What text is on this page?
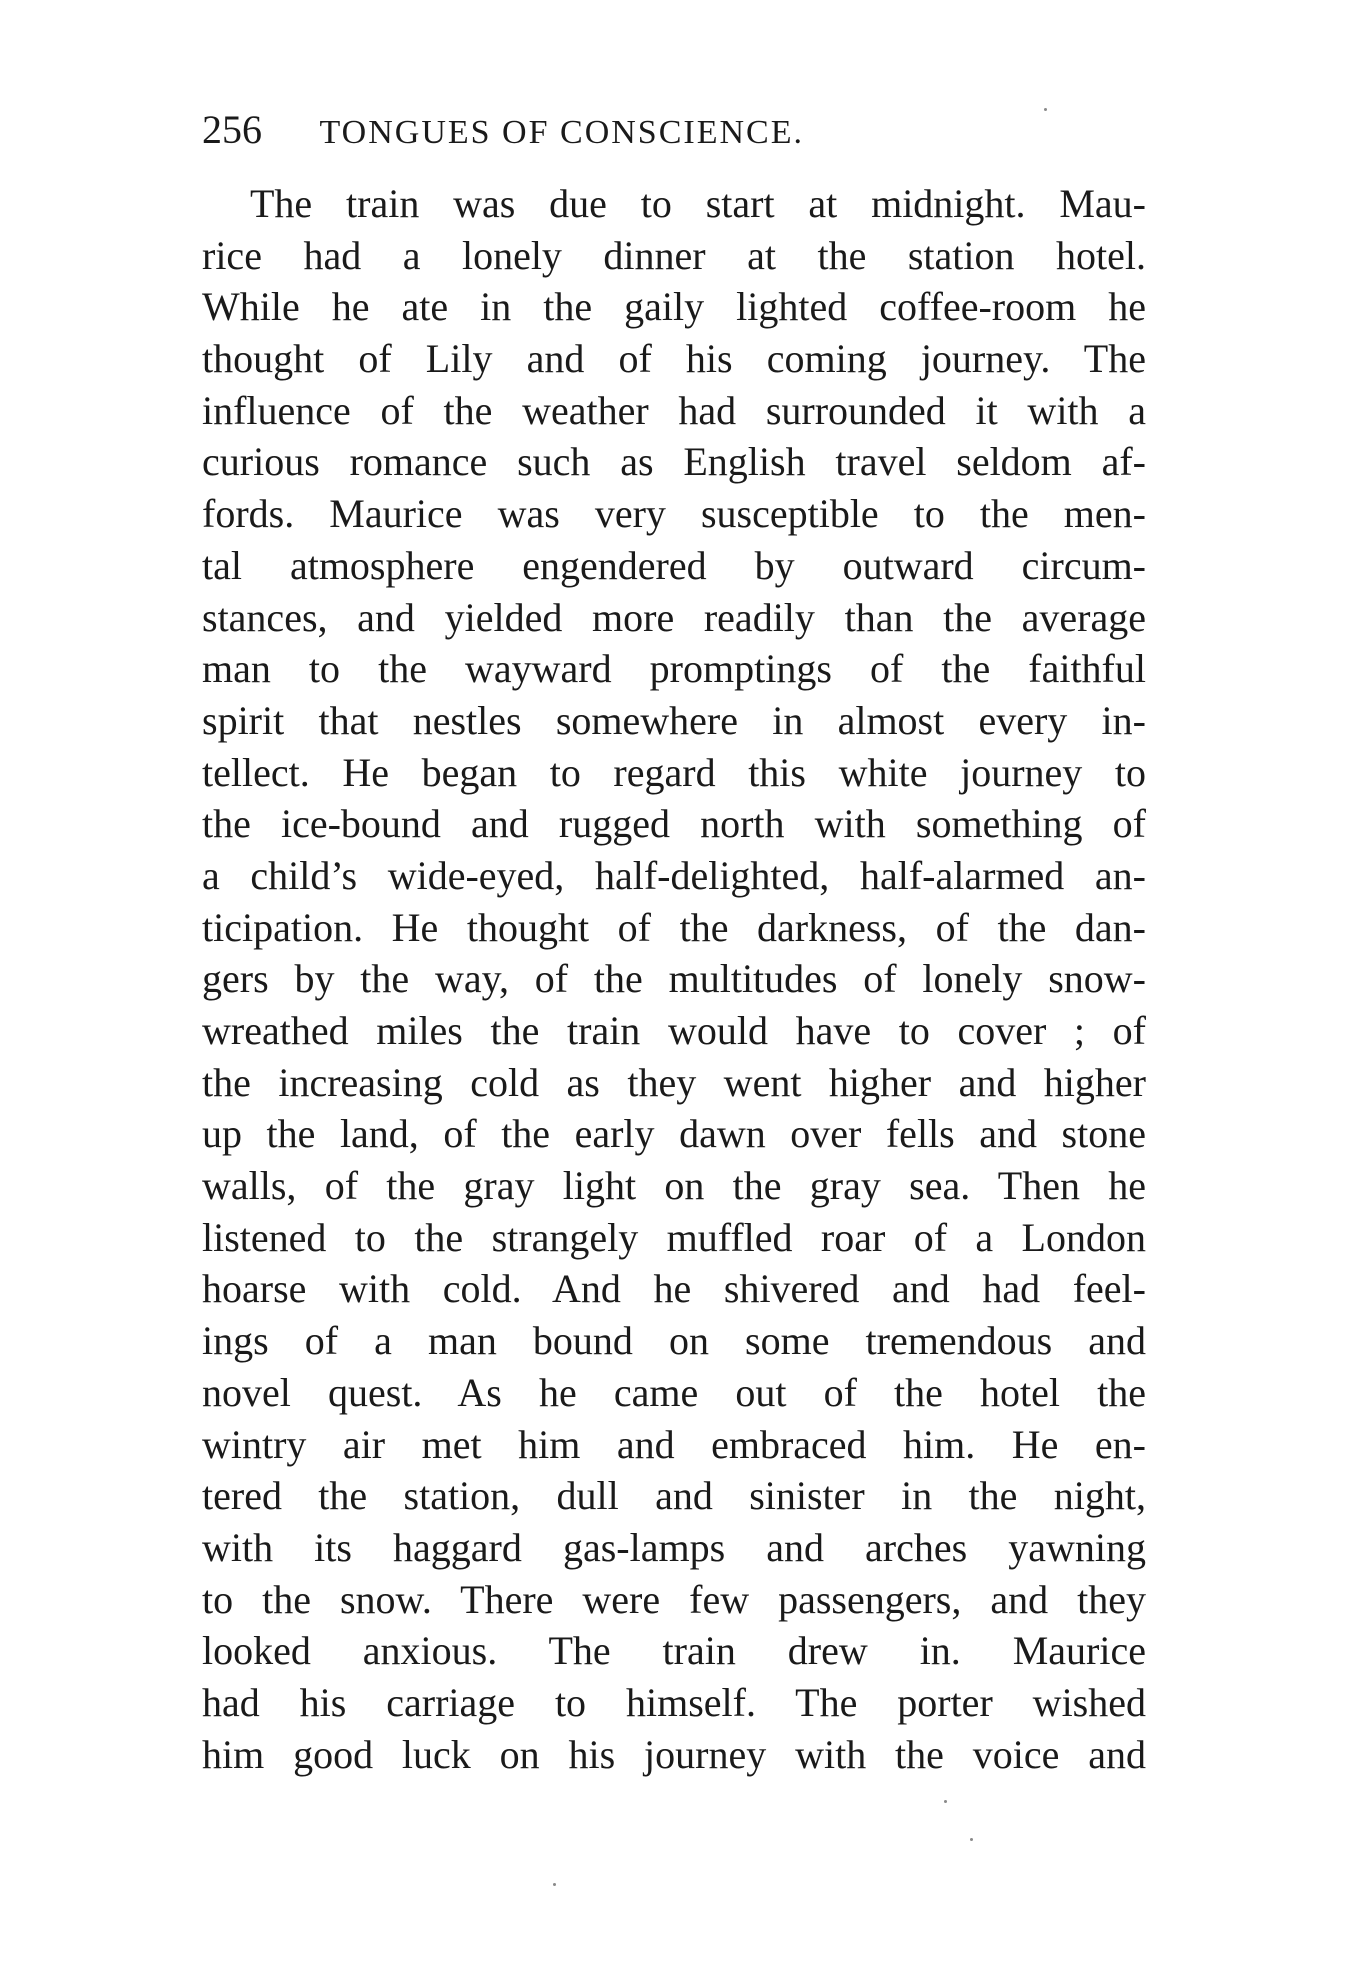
256 TONGUES OF CONSCIENCE.
The train was due to start at midnight. Mau-
rice had a lonely dinner at the station hotel.
While he ate in the gaily lighted coffee-room he
thought of Lily and of his coming journey. The
influence of the weather had surrounded it with a
curious romance such as English travel seldom af-
fords. Maurice was very susceptible to the men-
tal atmosphere engendered by outward circum-
stances, and yielded more readily than the average
man to the wayward promptings of the faithful
spirit that nestles somewhere in almost every in-
tellect. He began to regard this white journey to
the ice-bound and rugged north with something of
a child’s wide-eyed, half-delighted, half-alarmed an-
ticipation. He thought of the darkness, of the dan-
gers by the way, of the multitudes of lonely snow-
wreathed miles the train would have to cover ; of
the increasing cold as they went higher and higher
up the land, of the early dawn over fells and stone
walls, of the gray light on the gray sea. Then he
listened to the strangely muffled roar of a London
hoarse with cold. And he shivered and had feel-
ings of a man bound on some tremendous and
novel quest. As he came out of the hotel the
wintry air met him and embraced him. He en-
tered the station, dull and sinister in the night,
with its haggard gas-lamps and arches yawning
to the snow. There were few passengers, and they
looked anxious. The train drew in. Maurice
had his carriage to himself. The porter wished
him good luck on his journey with the voice and
